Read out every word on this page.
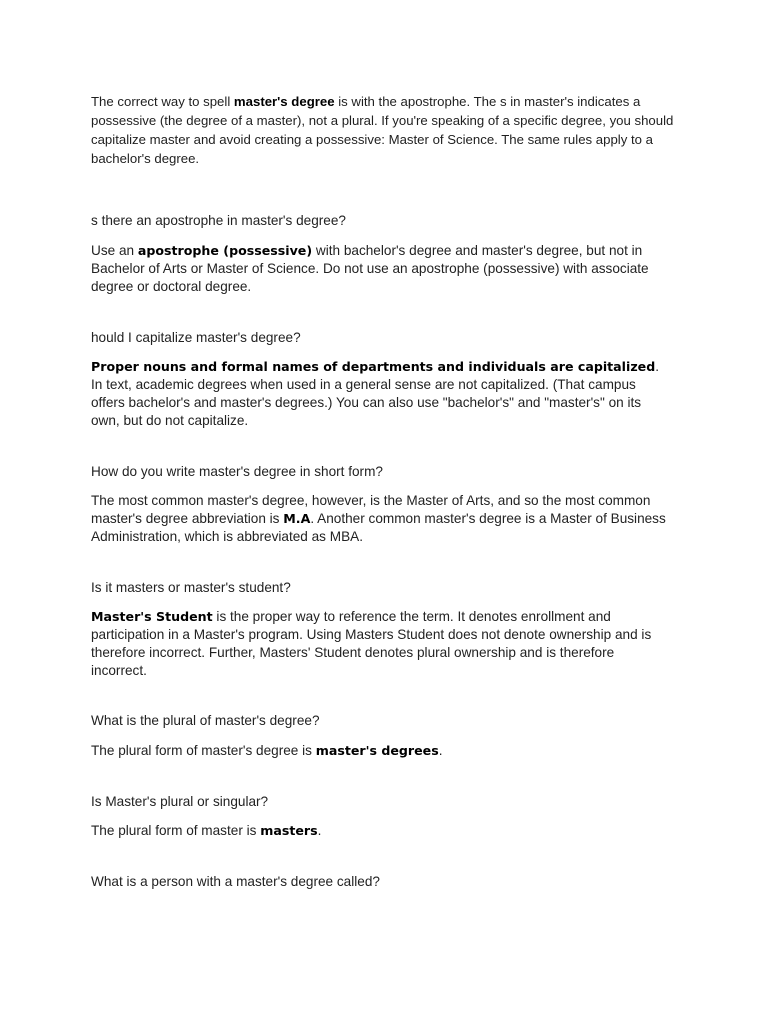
The correct way to spell master's degree is with the apostrophe. The s in master's indicates a possessive (the degree of a master), not a plural. If you're speaking of a specific degree, you should capitalize master and avoid creating a possessive: Master of Science. The same rules apply to a bachelor's degree.

s there an apostrophe in master's degree?

Use an apostrophe (possessive) with bachelor's degree and master's degree, but not in Bachelor of Arts or Master of Science. Do not use an apostrophe (possessive) with associate degree or doctoral degree.

hould I capitalize master's degree?

Proper nouns and formal names of departments and individuals are capitalized. In text, academic degrees when used in a general sense are not capitalized. (That campus offers bachelor's and master's degrees.) You can also use "bachelor's" and "master's" on its own, but do not capitalize.

How do you write master's degree in short form?

The most common master's degree, however, is the Master of Arts, and so the most common master's degree abbreviation is M.A. Another common master's degree is a Master of Business Administration, which is abbreviated as MBA.

Is it masters or master's student?

Master's Student is the proper way to reference the term. It denotes enrollment and participation in a Master's program. Using Masters Student does not denote ownership and is therefore incorrect. Further, Masters' Student denotes plural ownership and is therefore incorrect.

What is the plural of master's degree?

The plural form of master's degree is master's degrees.

Is Master's plural or singular?

The plural form of master is masters.

What is a person with a master's degree called?
